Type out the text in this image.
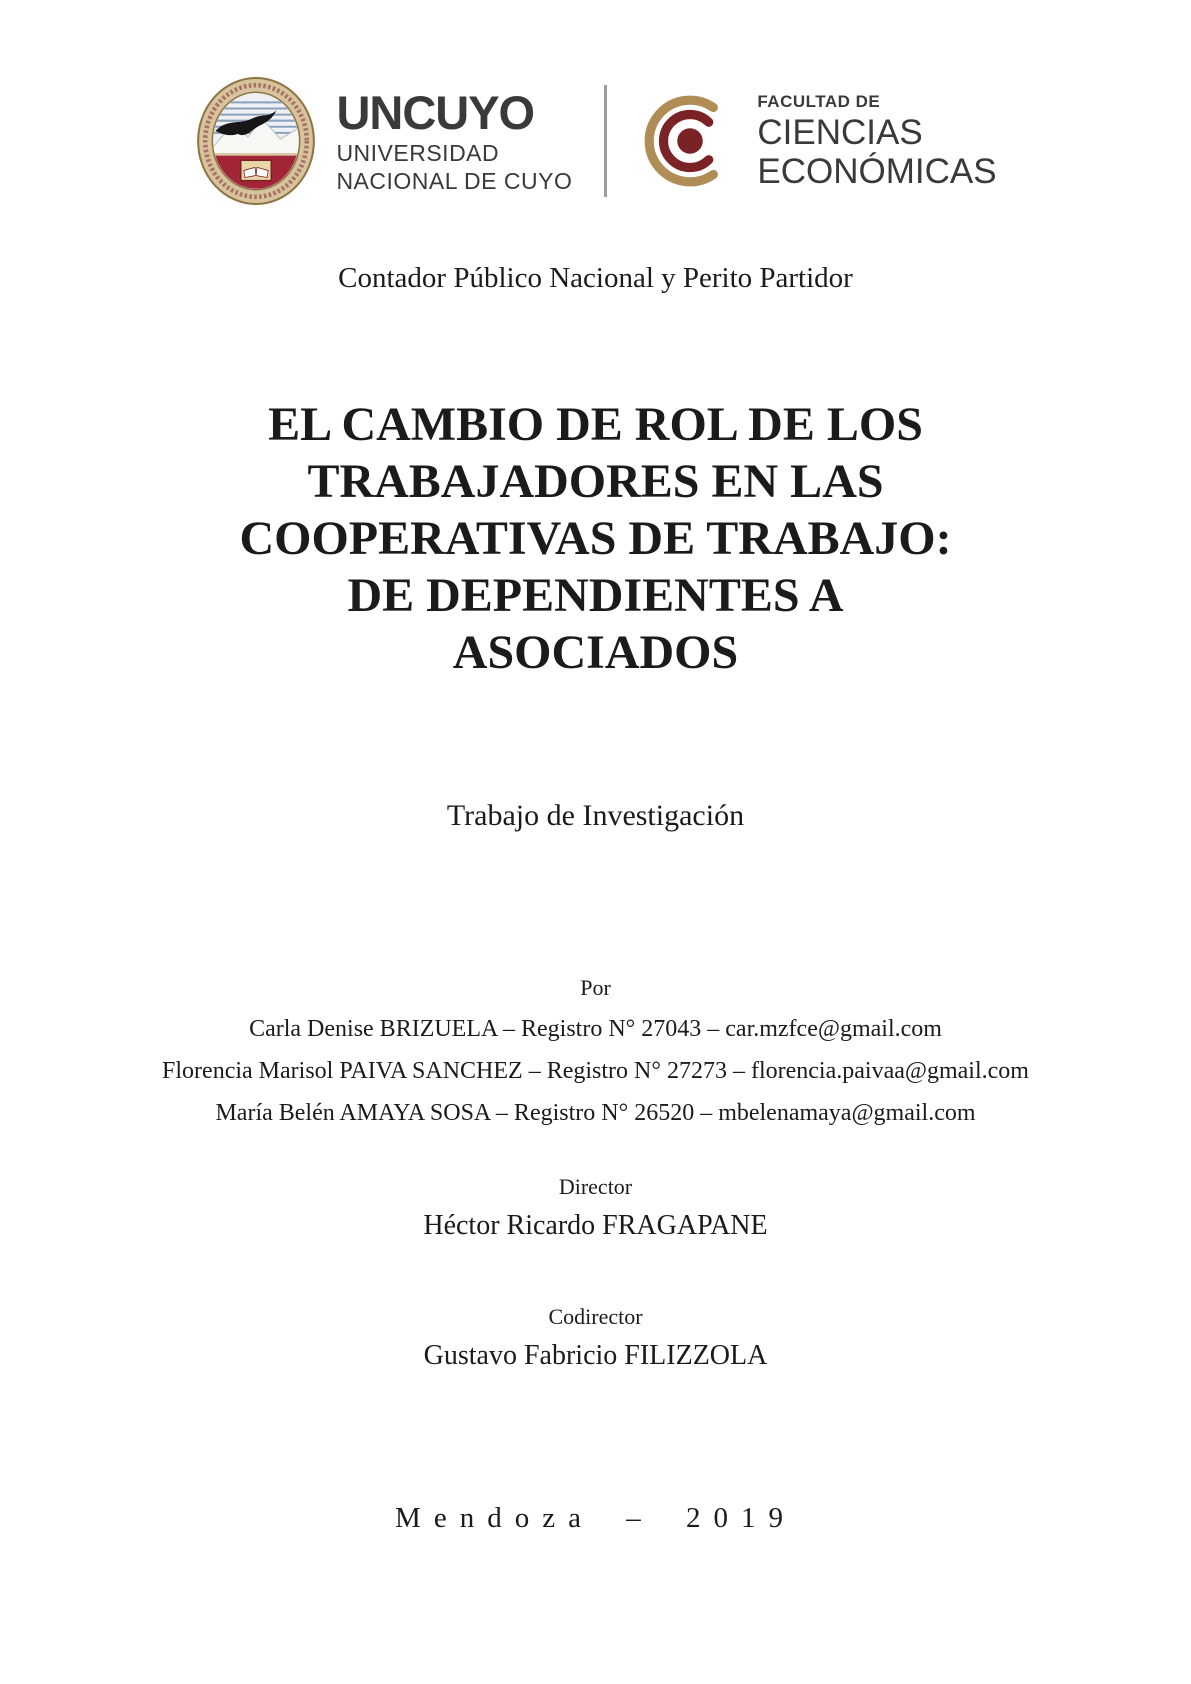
UNCUYO
UNIVERSIDAD
NACIONAL DE CUYO
FACULTAD DE
CIENCIAS
ECONÓMICAS
Contador Público Nacional y Perito Partidor
EL CAMBIO DE ROL DE LOS
TRABAJADORES EN LAS
COOPERATIVAS DE TRABAJO:
DE DEPENDIENTES A
ASOCIADOS
Trabajo de Investigación
Por
Carla Denise BRIZUELA – Registro N° 27043 – car.mzfce@gmail.com
Florencia Marisol PAIVA SANCHEZ – Registro N° 27273 – florencia.paivaa@gmail.com
María Belén AMAYA SOSA – Registro N° 26520 – mbelenamaya@gmail.com
Director
Héctor Ricardo FRAGAPANE
Codirector
Gustavo Fabricio FILIZZOLA
Mendoza – 2019
